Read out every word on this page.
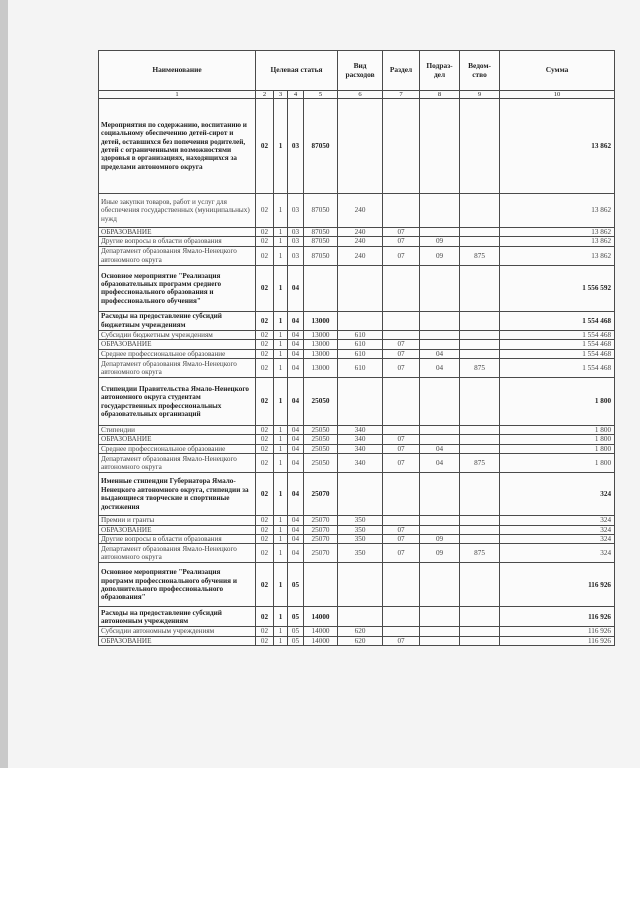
Наименование	Целевая статья				Вид расходов	Раздел	Подраз-дел	Ведом-ство	Сумма
1	2	3	4	5	6	7	8	9	10
Мероприятия по содержанию, воспитанию и социальному обеспечению детей-сирот и детей, оставшихся без попечения родителей, детей с ограниченными возможностями здоровья в организациях, находящихся за пределами автономного округа	02	1	03	87050					13 862
Иные закупки товаров, работ и услуг для обеспечения государственных (муниципальных) нужд	02	1	03	87050	240				13 862
ОБРАЗОВАНИЕ	02	1	03	87050	240	07			13 862
Другие вопросы в области образования	02	1	03	87050	240	07	09		13 862
Департамент образования Ямало-Ненецкого автономного округа	02	1	03	87050	240	07	09	875	13 862
Основное мероприятие "Реализация образовательных программ среднего профессионального образования и профессионального обучения"	02	1	04						1 556 592
Расходы на предоставление субсидий бюджетным учреждениям	02	1	04	13000					1 554 468
Субсидии бюджетным учреждениям	02	1	04	13000	610				1 554 468
ОБРАЗОВАНИЕ	02	1	04	13000	610	07			1 554 468
Среднее профессиональное образование	02	1	04	13000	610	07	04		1 554 468
Департамент образования Ямало-Ненецкого автономного округа	02	1	04	13000	610	07	04	875	1 554 468
Стипендии Правительства Ямало-Ненецкого автономного округа студентам государственных профессиональных образовательных организаций	02	1	04	25050					1 800
Стипендии	02	1	04	25050	340				1 800
ОБРАЗОВАНИЕ	02	1	04	25050	340	07			1 800
Среднее профессиональное образование	02	1	04	25050	340	07	04		1 800
Департамент образования Ямало-Ненецкого автономного округа	02	1	04	25050	340	07	04	875	1 800
Именные стипендии Губернатора Ямало-Ненецкого автономного округа, стипендии за выдающиеся творческие и спортивные достижения	02	1	04	25070					324
Премии и гранты	02	1	04	25070	350				324
ОБРАЗОВАНИЕ	02	1	04	25070	350	07			324
Другие вопросы в области образования	02	1	04	25070	350	07	09		324
Департамент образования Ямало-Ненецкого автономного округа	02	1	04	25070	350	07	09	875	324
Основное мероприятие "Реализация программ профессионального обучения и дополнительного профессионального образования"	02	1	05						116 926
Расходы на предоставление субсидий автономным учреждениям	02	1	05	14000					116 926
Субсидии автономным учреждениям	02	1	05	14000	620				116 926
ОБРАЗОВАНИЕ	02	1	05	14000	620	07			116 926
